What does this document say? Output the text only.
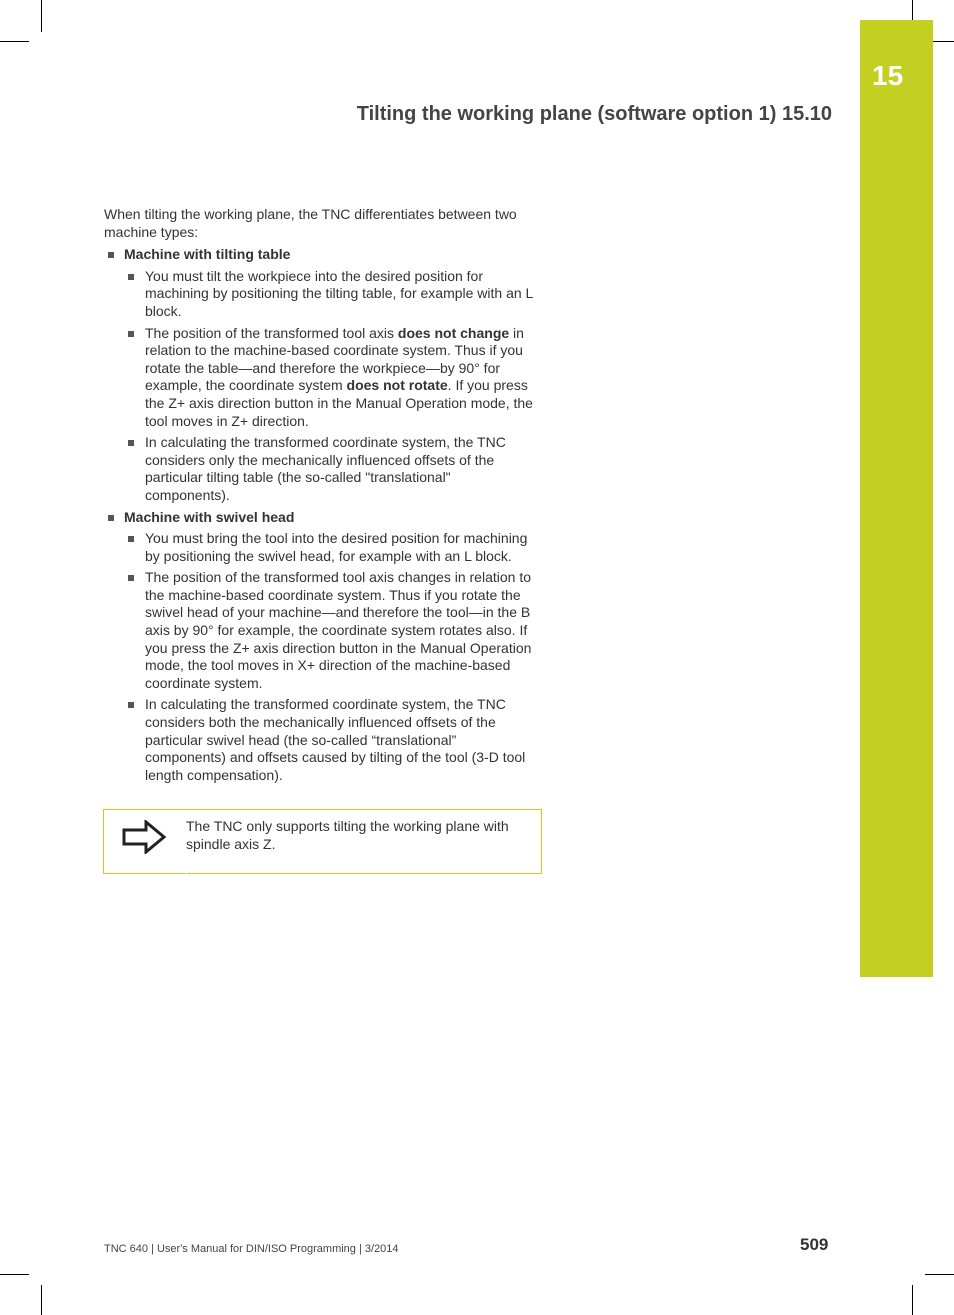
15
Tilting the working plane (software option 1) 15.10

When tilting the working plane, the TNC differentiates between two machine types:

Machine with tilting table
You must tilt the workpiece into the desired position for machining by positioning the tilting table, for example with an L block.
The position of the transformed tool axis does not change in relation to the machine-based coordinate system. Thus if you rotate the table—and therefore the workpiece—by 90° for example, the coordinate system does not rotate. If you press the Z+ axis direction button in the Manual Operation mode, the tool moves in Z+ direction.
In calculating the transformed coordinate system, the TNC considers only the mechanically influenced offsets of the particular tilting table (the so-called "translational" components).
Machine with swivel head
You must bring the tool into the desired position for machining by positioning the swivel head, for example with an L block.
The position of the transformed tool axis changes in relation to the machine-based coordinate system. Thus if you rotate the swivel head of your machine—and therefore the tool—in the B axis by 90° for example, the coordinate system rotates also. If you press the Z+ axis direction button in the Manual Operation mode, the tool moves in X+ direction of the machine-based coordinate system.
In calculating the transformed coordinate system, the TNC considers both the mechanically influenced offsets of the particular swivel head (the so-called “translational” components) and offsets caused by tilting of the tool (3-D tool length compensation).
The TNC only supports tilting the working plane with spindle axis Z.
TNC 640 | User's Manual for DIN/ISO Programming | 3/2014	509
